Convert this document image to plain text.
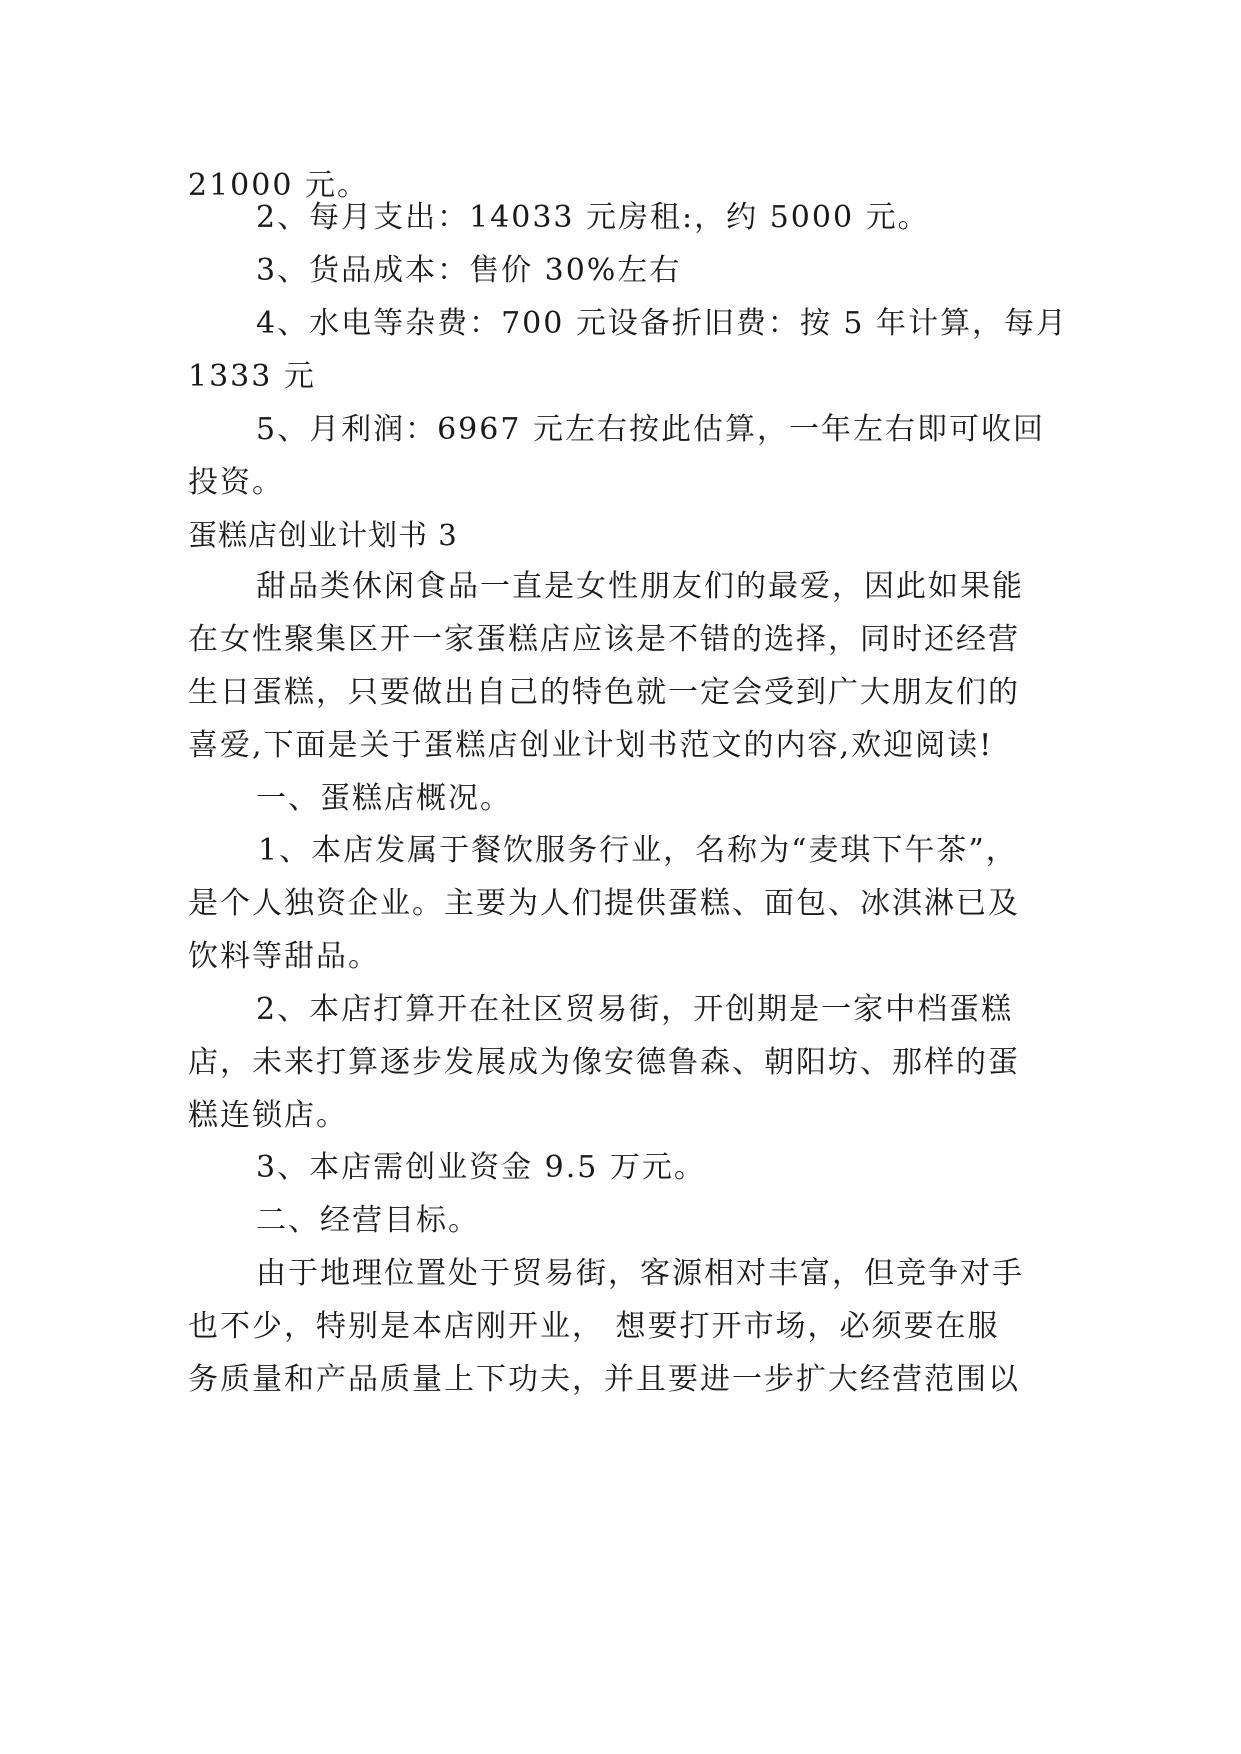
21000 元。
2、每月支出：14033 元房租:，约 5000 元。
3、货品成本：售价 30%左右
4、水电等杂费：700 元设备折旧费：按 5 年计算，每月
1333 元
5、月利润：6967 元左右按此估算，一年左右即可收回
投资。
蛋糕店创业计划书 3
甜品类休闲食品一直是女性朋友们的最爱，因此如果能
在女性聚集区开一家蛋糕店应该是不错的选择，同时还经营
生日蛋糕，只要做出自己的特色就一定会受到广大朋友们的
喜爱,下面是关于蛋糕店创业计划书范文的内容,欢迎阅读!
一、蛋糕店概况。
1、本店发属于餐饮服务行业，名称为“麦琪下午茶”，
是个人独资企业。主要为人们提供蛋糕、面包、冰淇淋已及
饮料等甜品。
2、本店打算开在社区贸易街，开创期是一家中档蛋糕
店，未来打算逐步发展成为像安德鲁森、朝阳坊、那样的蛋
糕连锁店。
3、本店需创业资金 9.5 万元。
二、经营目标。
由于地理位置处于贸易街，客源相对丰富，但竞争对手
也不少，特别是本店刚开业， 想要打开市场，必须要在服
务质量和产品质量上下功夫，并且要进一步扩大经营范围以
